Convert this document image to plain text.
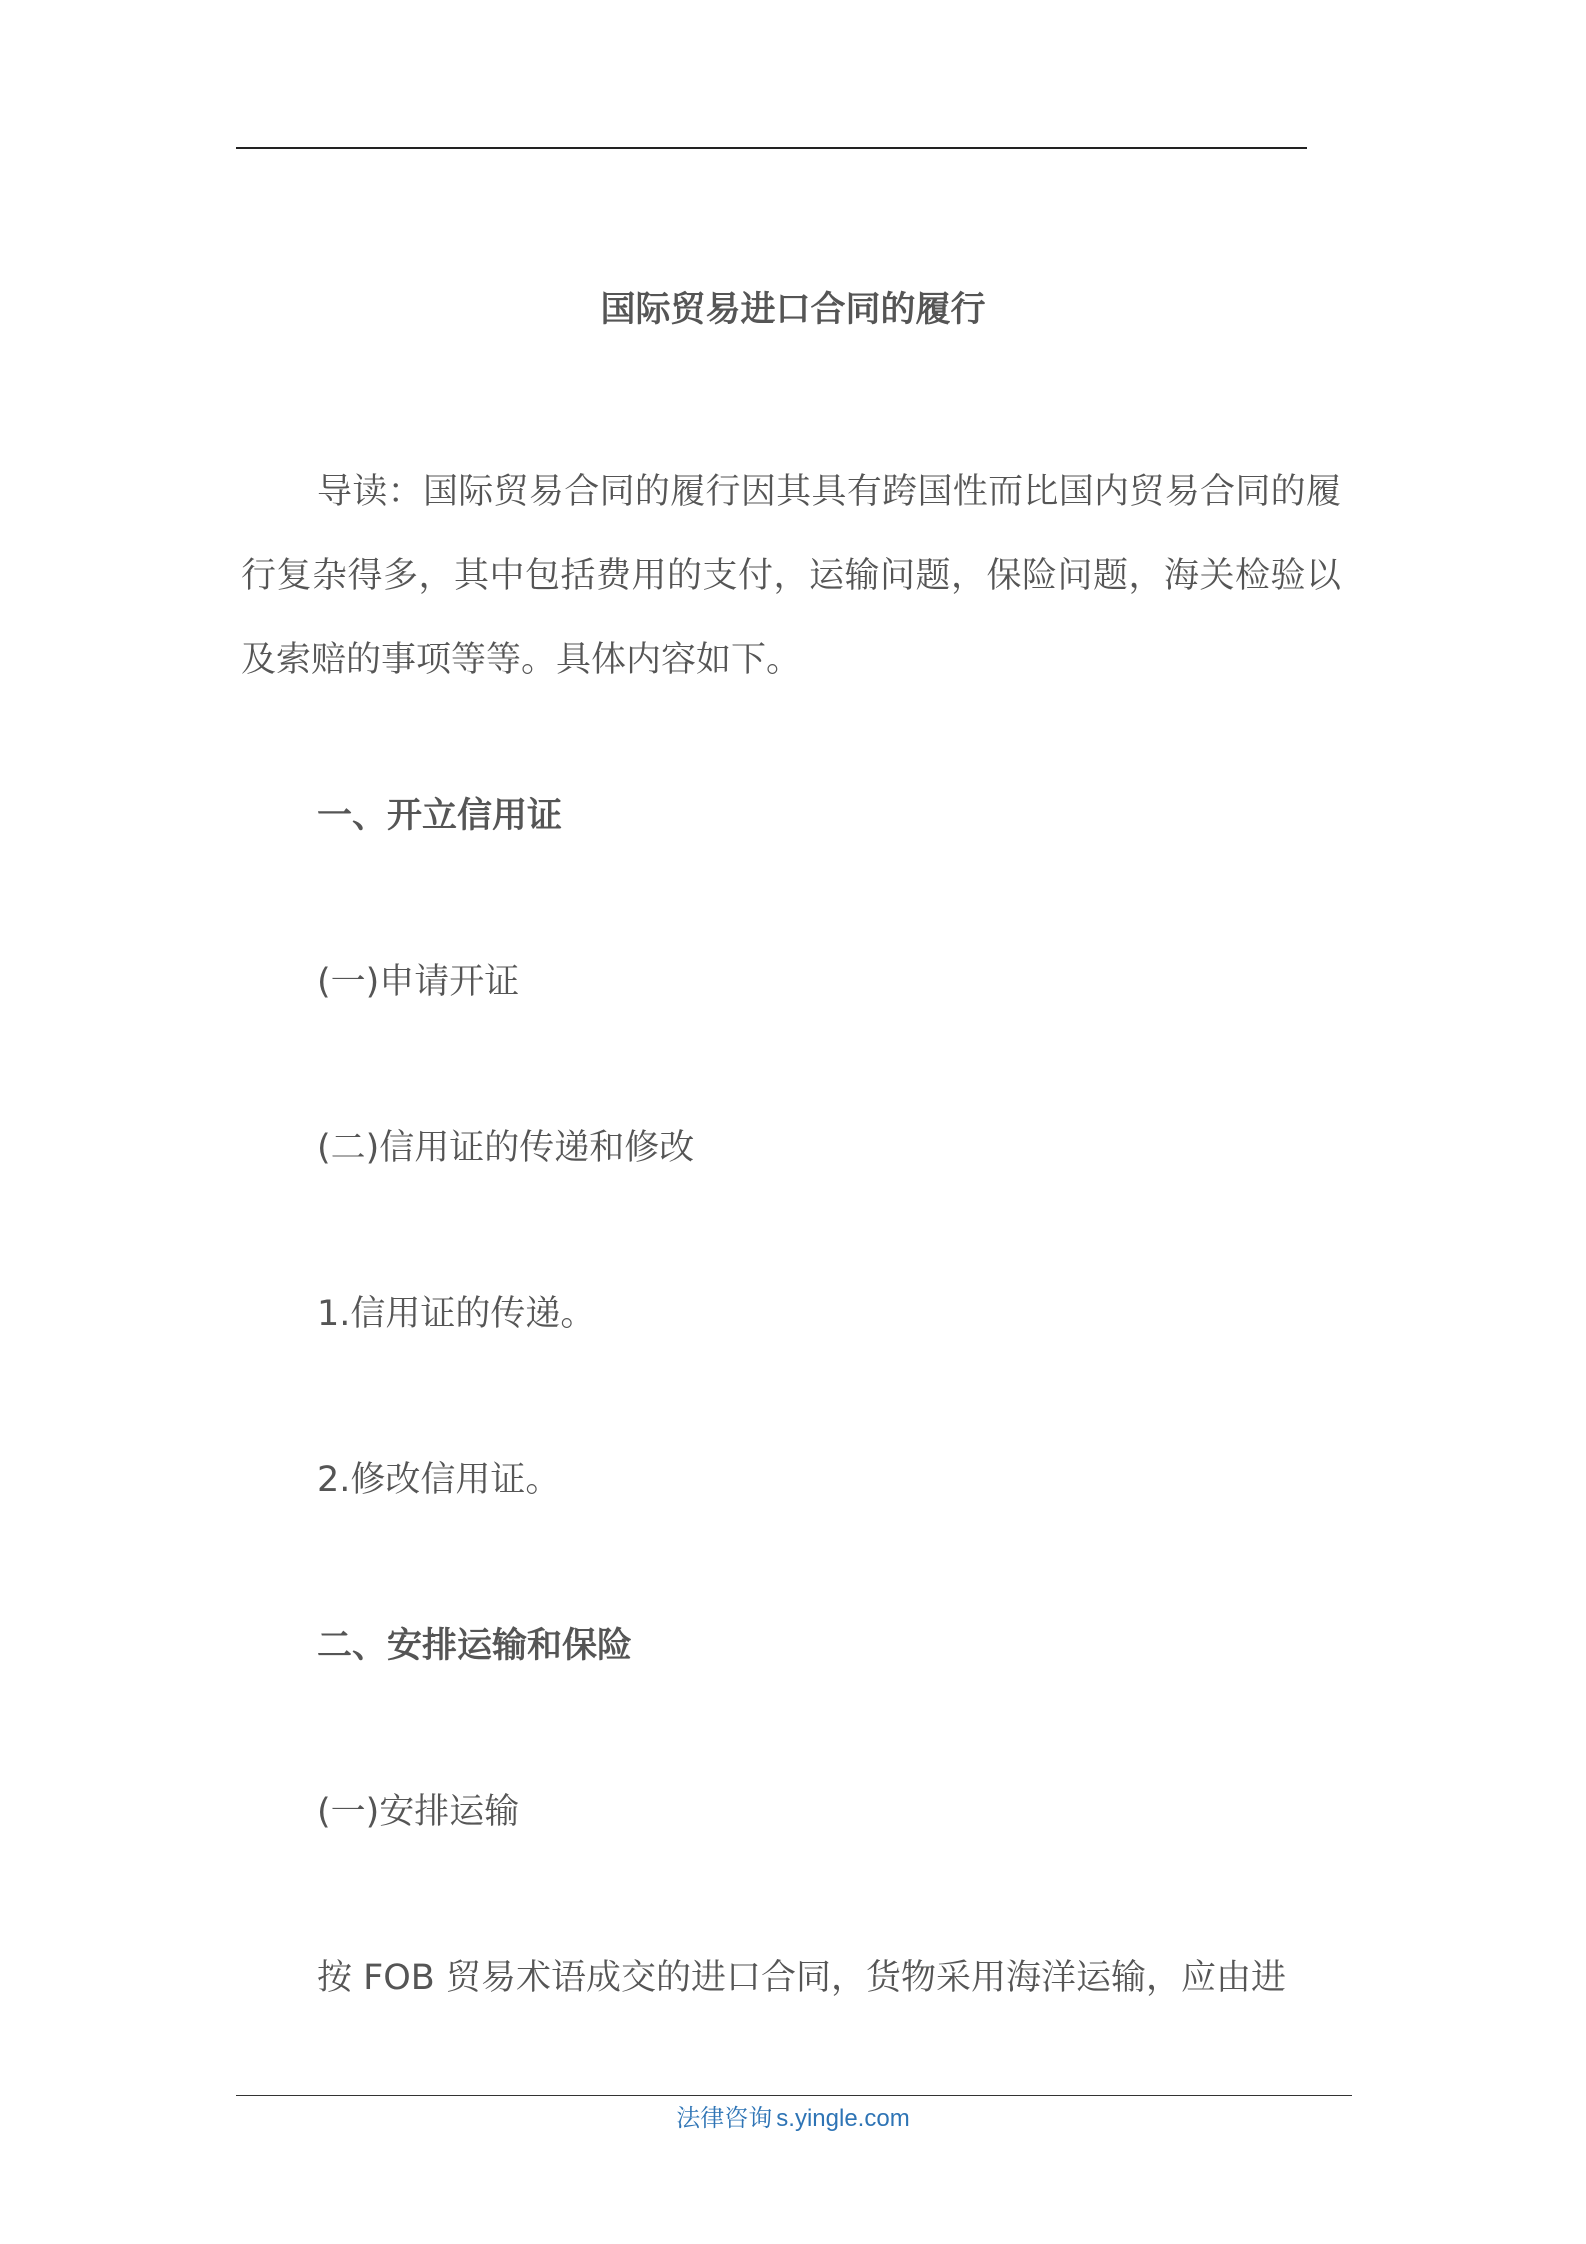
国际贸易进口合同的履行

导读：国际贸易合同的履行因其具有跨国性而比国内贸易合同的履行复杂得多，其中包括费用的支付，运输问题，保险问题，海关检验以及索赔的事项等等。具体内容如下。

一、开立信用证

(一)申请开证

(二)信用证的传递和修改

1.信用证的传递。

2.修改信用证。

二、安排运输和保险

(一)安排运输

按 FOB 贸易术语成交的进口合同，货物采用海洋运输，应由进

法律咨询 s.yingle.com
